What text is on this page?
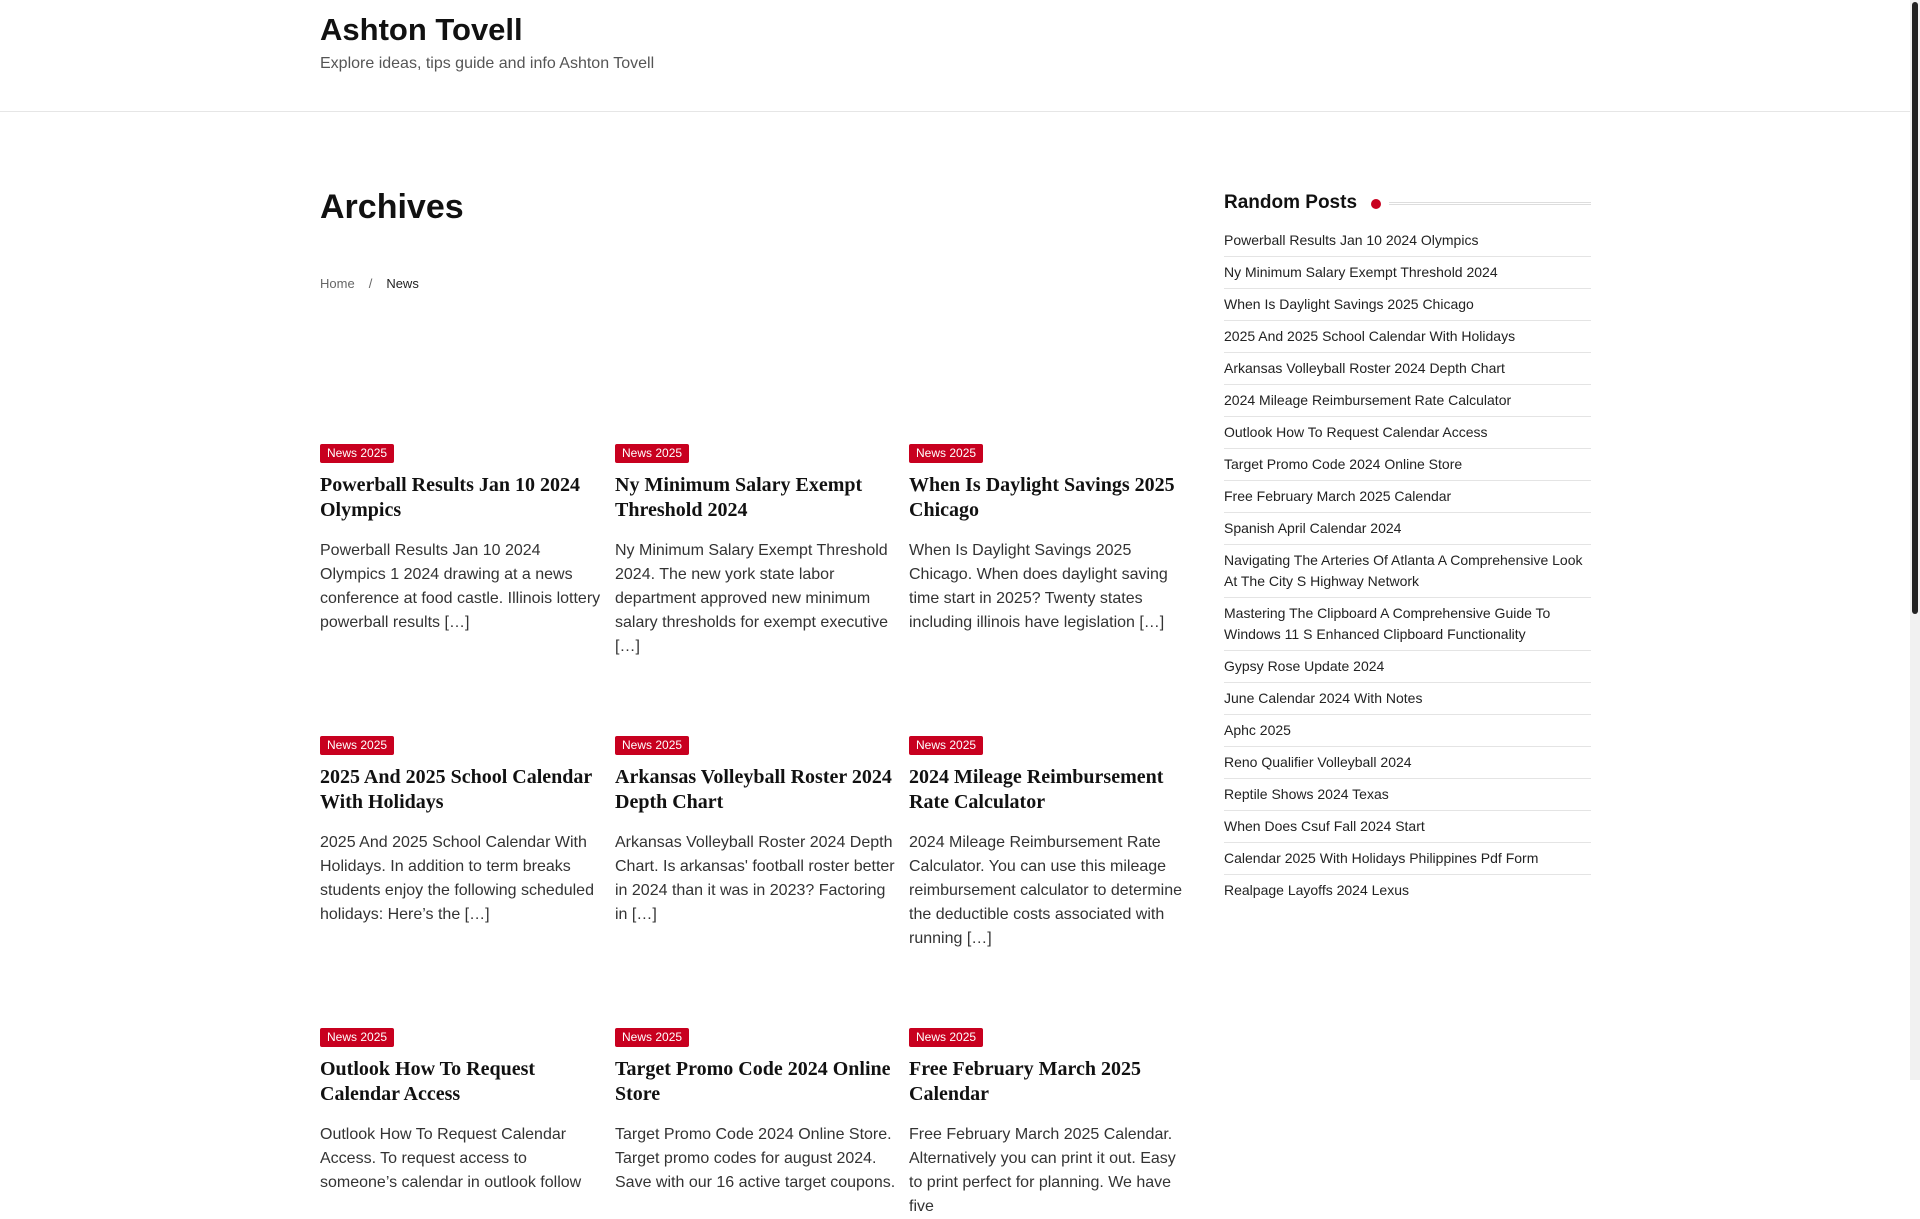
Ashton Tovell
Explore ideas, tips guide and info Ashton Tovell
Archives
Home / News
News 2025
Powerball Results Jan 10 2024 Olympics

Powerball Results Jan 10 2024 Olympics 1 2024 drawing at a news conference at food castle. Illinois lottery powerball results […]

News 2025
Ny Minimum Salary Exempt Threshold 2024

Ny Minimum Salary Exempt Threshold 2024. The new york state labor department approved new minimum salary thresholds for exempt executive […]

News 2025
When Is Daylight Savings 2025 Chicago

When Is Daylight Savings 2025 Chicago. When does daylight saving time start in 2025? Twenty states including illinois have legislation […]

News 2025
2025 And 2025 School Calendar With Holidays

2025 And 2025 School Calendar With Holidays. In addition to term breaks students enjoy the following scheduled holidays: Here’s the […]

News 2025
Arkansas Volleyball Roster 2024 Depth Chart

Arkansas Volleyball Roster 2024 Depth Chart. Is arkansas' football roster better in 2024 than it was in 2023? Factoring in […]

News 2025
2024 Mileage Reimbursement Rate Calculator

2024 Mileage Reimbursement Rate Calculator. You can use this mileage reimbursement calculator to determine the deductible costs associated with running […]

News 2025
Outlook How To Request Calendar Access

Outlook How To Request Calendar Access. To request access to someone’s calendar in outlook follow

News 2025
Target Promo Code 2024 Online Store

Target Promo Code 2024 Online Store. Target promo codes for august 2024. Save with our 16 active target coupons.

News 2025
Free February March 2025 Calendar

Free February March 2025 Calendar. Alternatively you can print it out. Easy to print perfect for planning. We have five

Random Posts
Powerball Results Jan 10 2024 Olympics
Ny Minimum Salary Exempt Threshold 2024
When Is Daylight Savings 2025 Chicago
2025 And 2025 School Calendar With Holidays
Arkansas Volleyball Roster 2024 Depth Chart
2024 Mileage Reimbursement Rate Calculator
Outlook How To Request Calendar Access
Target Promo Code 2024 Online Store
Free February March 2025 Calendar
Spanish April Calendar 2024
Navigating The Arteries Of Atlanta A Comprehensive Look At The City S Highway Network
Mastering The Clipboard A Comprehensive Guide To Windows 11 S Enhanced Clipboard Functionality
Gypsy Rose Update 2024
June Calendar 2024 With Notes
Aphc 2025
Reno Qualifier Volleyball 2024
Reptile Shows 2024 Texas
When Does Csuf Fall 2024 Start
Calendar 2025 With Holidays Philippines Pdf Form
Realpage Layoffs 2024 Lexus
